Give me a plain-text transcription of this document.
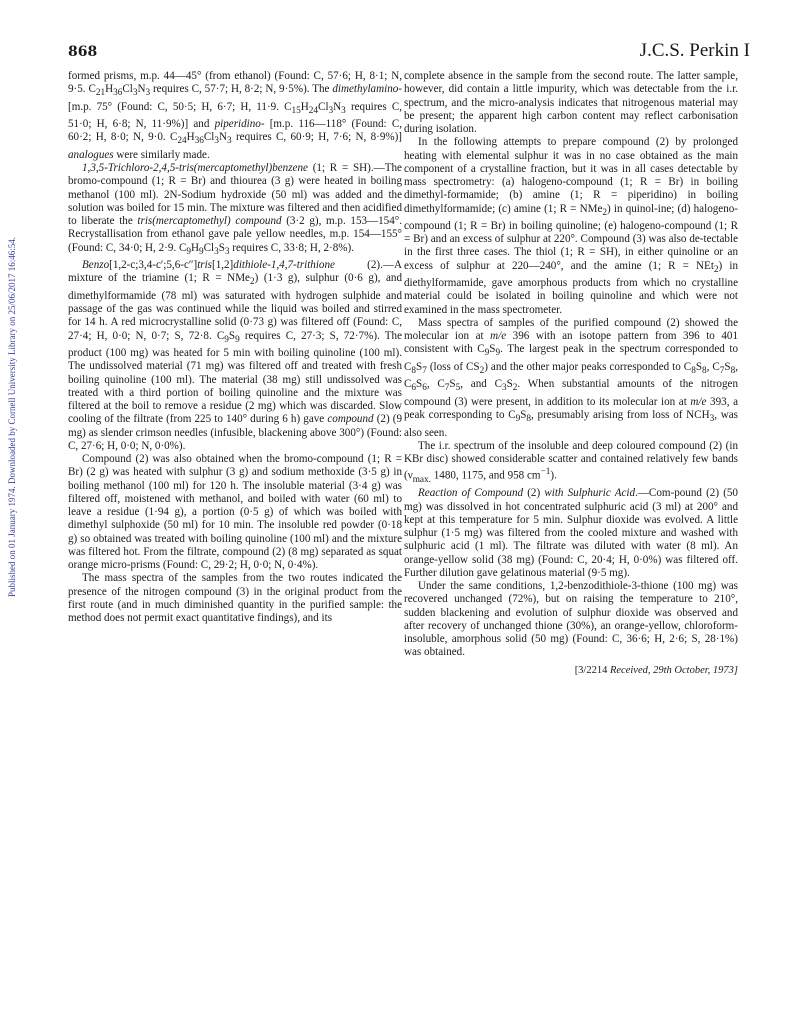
868	J.C.S. Perkin I
Published on 01 January 1974. Downloaded by Cornell University Library on 25/06/2017 16:46:54.

formed prisms, m.p. 44—45° (from ethanol) (Found: C, 57·6; H, 8·1; N, 9·5. $C_{21}H_{36}Cl_3N_3$ requires C, 57·7; H, 8·2; N, 9·5%). The dimethylamino- [m.p. 75° (Found: C, 50·5; H, 6·7; H, 11·9. $C_{15}H_{24}Cl_3N_3$ requires C, 51·0; H, 6·8; N, 11·9%)] and piperidino- [m.p. 116—118° (Found: C, 60·2; H, 8·0; N, 9·0. $C_{24}H_{36}Cl_3N_3$ requires C, 60·9; H, 7·6; N, 8·9%)] analogues were similarly made.

1,3,5-Trichloro-2,4,5-tris(mercaptomethyl)benzene (1; R = SH).—The bromo-compound (1; R = Br) and thiourea (3 g) were heated in boiling methanol (100 ml). 2N-Sodium hydroxide (50 ml) was added and the solution was boiled for 15 min. The mixture was filtered and then acidified to liberate the tris(mercaptomethyl) compound (3·2 g), m.p. 153—154°. Recrystallisation from ethanol gave pale yellow needles, m.p. 154—155° (Found: C, 34·0; H, 2·9. $C_9H_9Cl_3S_3$ requires C, 33·8; H, 2·8%).

Benzo[1,2-c;3,4-c′;5,6-c″]tris[1,2]dithiole-1,4,7-trithione (2).—A mixture of the triamine (1; R = NMe$_2$) (1·3 g), sulphur (0·6 g), and dimethylformamide (78 ml) was saturated with hydrogen sulphide and passage of the gas was continued while the liquid was boiled and stirred for 14 h. A red microcrystalline solid (0·73 g) was filtered off (Found: C, 27·4; H, 0·0; N, 0·7; S, 72·8. $C_9S_9$ requires C, 27·3; S, 72·7%). The product (100 mg) was heated for 5 min with boiling quinoline (100 ml). The undissolved material (71 mg) was filtered off and treated with fresh boiling quinoline (100 ml). The material (38 mg) still undissolved was treated with a third portion of boiling quinoline and the mixture was filtered at the boil to remove a residue (2 mg) which was discarded. Slow cooling of the filtrate (from 225 to 140° during 6 h) gave compound (2) (9 mg) as slender crimson needles (infusible, blackening above 300°) (Found: C, 27·6; H, 0·0; N, 0·0%).

Compound (2) was also obtained when the bromo-compound (1; R = Br) (2 g) was heated with sulphur (3 g) and sodium methoxide (3·5 g) in boiling methanol (100 ml) for 120 h. The insoluble material (3·4 g) was filtered off, moistened with methanol, and boiled with water (60 ml) to leave a residue (1·94 g), a portion (0·5 g) of which was boiled with dimethyl sulphoxide (50 ml) for 10 min. The insoluble red powder (0·18 g) so obtained was treated with boiling quinoline (100 ml) and the mixture was filtered hot. From the filtrate, compound (2) (8 mg) separated as squat orange micro-prisms (Found: C, 29·2; H, 0·0; N, 0·4%).

The mass spectra of the samples from the two routes indicated the presence of the nitrogen compound (3) in the original product from the first route (and in much diminished quantity in the purified sample: the method does not permit exact quantitative findings), and its

complete absence in the sample from the second route. The latter sample, however, did contain a little impurity, which was detectable from the i.r. spectrum, and the micro-analysis indicates that nitrogenous material may be present; the apparent high carbon content may reflect carbonisation during isolation.

In the following attempts to prepare compound (2) by prolonged heating with elemental sulphur it was in no case obtained as the main component of a crystalline fraction, but it was in all cases detectable by mass spectrometry: (a) halogeno-compound (1; R = Br) in boiling dimethyl-formamide; (b) amine (1; R = piperidino) in boiling dimethylformamide; (c) amine (1; R = NMe$_2$) in quinol-ine; (d) halogeno-compound (1; R = Br) in boiling quinoline; (e) halogeno-compound (1; R = Br) and an excess of sulphur at 220°. Compound (3) was also de-tectable in the first three cases. The thiol (1; R = SH), in either quinoline or an excess of sulphur at 220—240°, and the amine (1; R = NEt$_2$) in diethylformamide, gave amorphous products from which no crystalline material could be isolated in boiling quinoline and which were not examined in the mass spectrometer.

Mass spectra of samples of the purified compound (2) showed the molecular ion at m/e 396 with an isotope pattern from 396 to 401 consistent with $C_9S_9$. The largest peak in the spectrum corresponded to $C_8S_7$ (loss of $CS_2$) and the other major peaks corresponded to $C_8S_8$, $C_7S_8$, $C_6S_6$, $C_7S_5$, and $C_3S_2$. When substantial amounts of the nitrogen compound (3) were present, in addition to its molecular ion at m/e 393, a peak corresponding to $C_9S_8$, presumably arising from loss of $NCH_3$, was also seen.

The i.r. spectrum of the insoluble and deep coloured compound (2) (in KBr disc) showed considerable scatter and contained relatively few bands ($\nu_{max.}$ 1480, 1175, and 958 $cm^{-1}$).

Reaction of Compound (2) with Sulphuric Acid.—Com-pound (2) (50 mg) was dissolved in hot concentrated sulphuric acid (3 ml) at 200° and kept at this temperature for 5 min. Sulphur dioxide was evolved. A little sulphur (1·5 mg) was filtered from the cooled mixture and washed with sulphuric acid (1 ml). The filtrate was diluted with water (8 ml). An orange-yellow solid (38 mg) (Found: C, 20·4; H, 0·0%) was filtered off. Further dilution gave gelatinous material (9·5 mg).

Under the same conditions, 1,2-benzodithiole-3-thione (100 mg) was recovered unchanged (72%), but on raising the temperature to 210°, sudden blackening and evolution of sulphur dioxide was observed and after recovery of unchanged thione (30%), an orange-yellow, chloroform-insoluble, amorphous solid (50 mg) (Found: C, 36·6; H, 2·6; S, 28·1%) was obtained.

[3/2214 Received, 29th October, 1973]
